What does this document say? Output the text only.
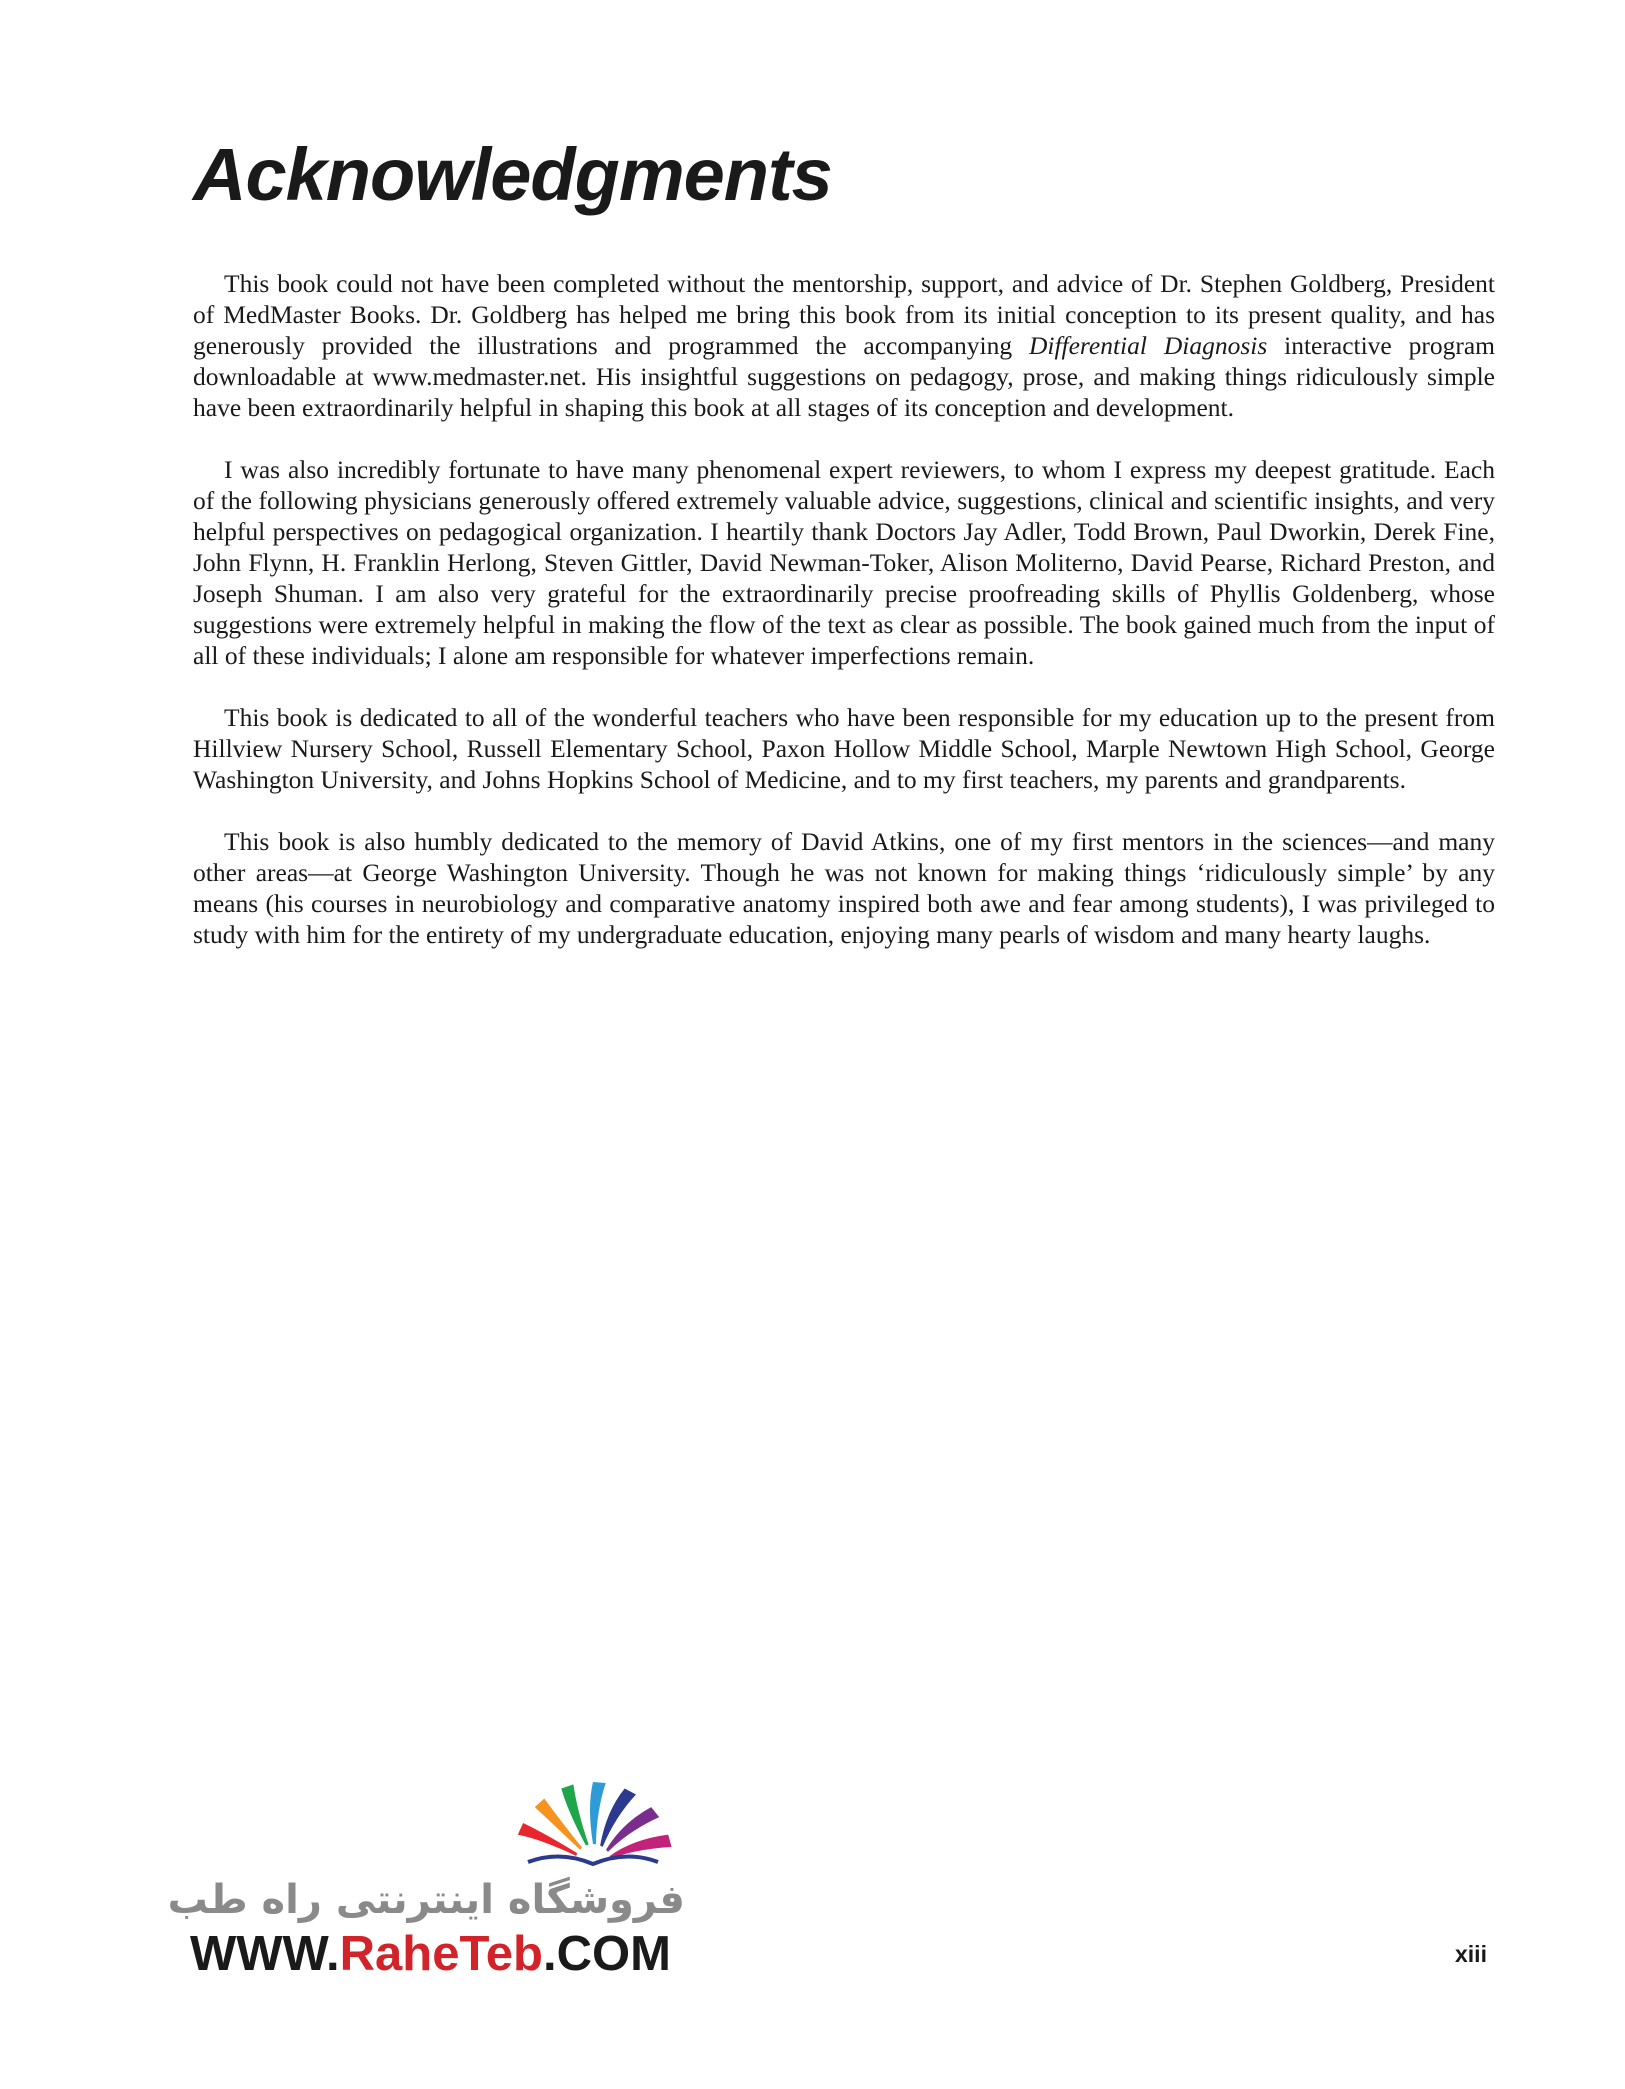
Acknowledgments

This book could not have been completed without the mentorship, support, and advice of Dr. Stephen Goldberg, President of MedMaster Books. Dr. Goldberg has helped me bring this book from its initial conception to its present quality, and has generously provided the illustrations and programmed the accompanying Differential Diagnosis interactive program downloadable at www.medmaster.net. His insightful suggestions on pedagogy, prose, and making things ridiculously simple have been extraordinarily helpful in shaping this book at all stages of its conception and development.

I was also incredibly fortunate to have many phenomenal expert reviewers, to whom I express my deepest gratitude. Each of the following physicians generously offered extremely valuable advice, suggestions, clinical and scientific insights, and very helpful perspectives on pedagogical organization. I heartily thank Doctors Jay Adler, Todd Brown, Paul Dworkin, Derek Fine, John Flynn, H. Franklin Herlong, Steven Gittler, David Newman-Toker, Alison Moliterno, David Pearse, Richard Preston, and Joseph Shuman. I am also very grateful for the extraordinarily precise proofreading skills of Phyllis Goldenberg, whose suggestions were extremely helpful in making the flow of the text as clear as possible. The book gained much from the input of all of these individuals; I alone am responsible for whatever imperfections remain.

This book is dedicated to all of the wonderful teachers who have been responsible for my education up to the present from Hillview Nursery School, Russell Elementary School, Paxon Hollow Middle School, Marple Newtown High School, George Washington University, and Johns Hopkins School of Medicine, and to my first teachers, my parents and grandparents.

This book is also humbly dedicated to the memory of David Atkins, one of my first mentors in the sciences—and many other areas—at George Washington University. Though he was not known for making things ‘ridiculously simple’ by any means (his courses in neurobiology and comparative anatomy inspired both awe and fear among students), I was privileged to study with him for the entirety of my undergraduate education, enjoying many pearls of wisdom and many hearty laughs.

فروشگاه اینترنتی راه طب
WWW.RaheTeb.COM	xiii
